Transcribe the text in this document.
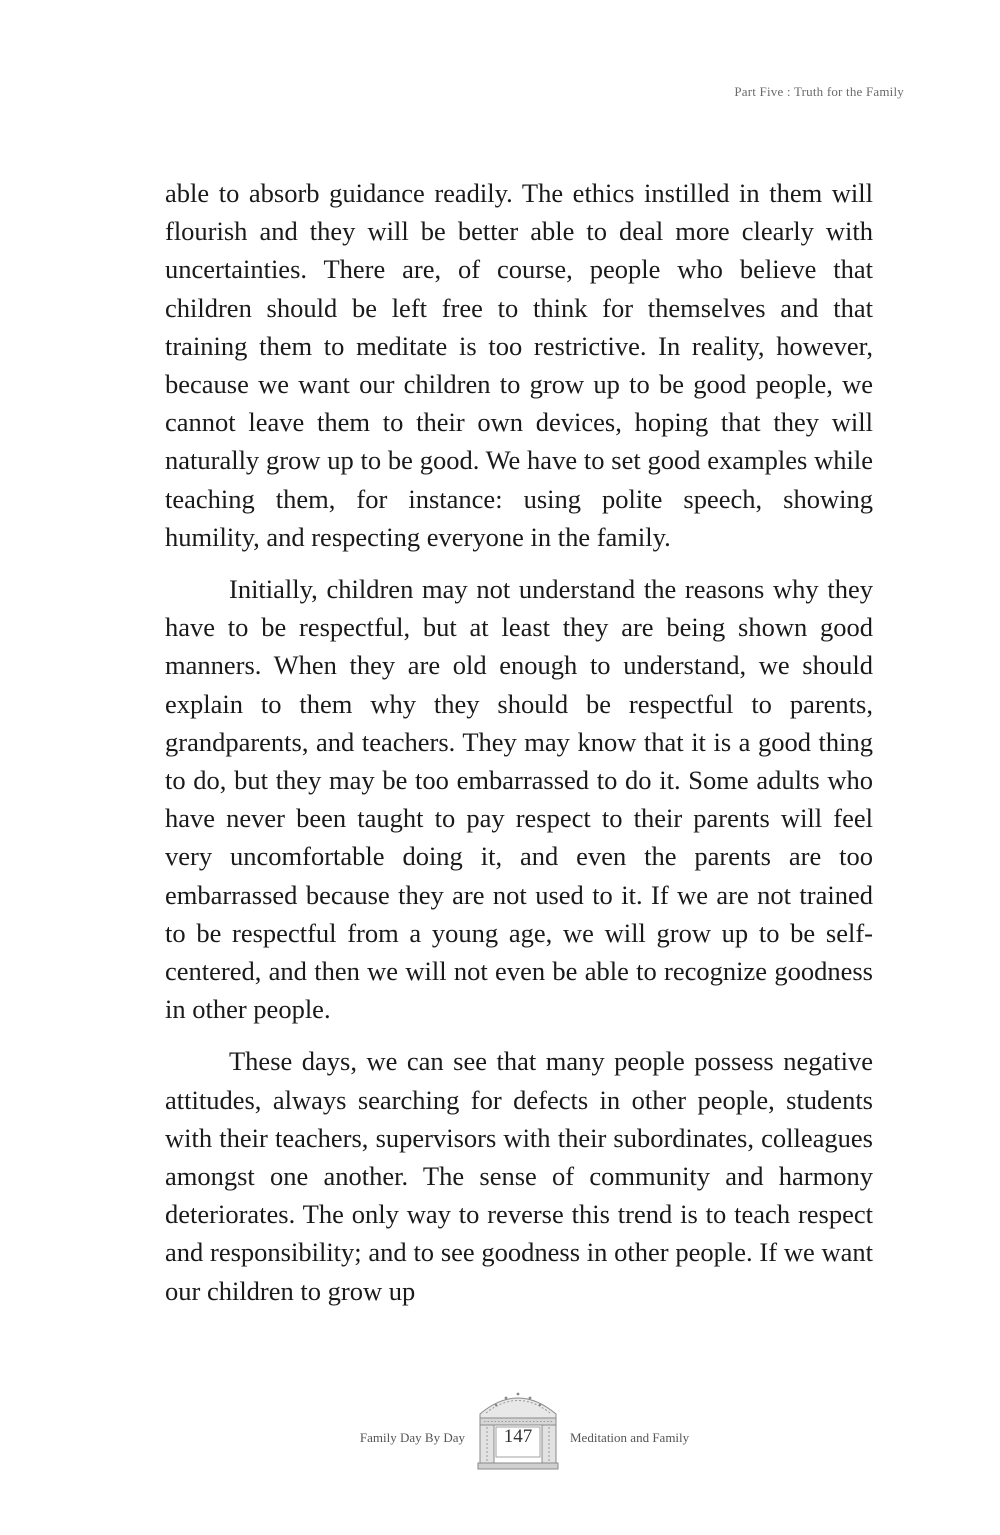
Part Five : Truth for the Family

able to absorb guidance readily. The ethics instilled in them will flourish and they will be better able to deal more clearly with uncertainties. There are, of course, people who believe that children should be left free to think for themselves and that training them to meditate is too restrictive. In reality, however, because we want our children to grow up to be good people, we cannot leave them to their own devices, hoping that they will naturally grow up to be good. We have to set good examples while teaching them, for instance: using polite speech, showing humility, and respecting everyone in the family.

Initially, children may not understand the reasons why they have to be respectful, but at least they are being shown good manners. When they are old enough to understand, we should explain to them why they should be respectful to parents, grandparents, and teachers. They may know that it is a good thing to do, but they may be too embarrassed to do it. Some adults who have never been taught to pay respect to their parents will feel very uncomfortable doing it, and even the parents are too embarrassed because they are not used to it. If we are not trained to be respectful from a young age, we will grow up to be self-centered, and then we will not even be able to recognize goodness in other people.

These days, we can see that many people possess negative attitudes, always searching for defects in other people, students with their teachers, supervisors with their subordinates, colleagues amongst one another. The sense of community and harmony deteriorates. The only way to reverse this trend is to teach respect and responsibility; and to see goodness in other people. If we want our children to grow up

Family Day By Day	147	Meditation and Family
